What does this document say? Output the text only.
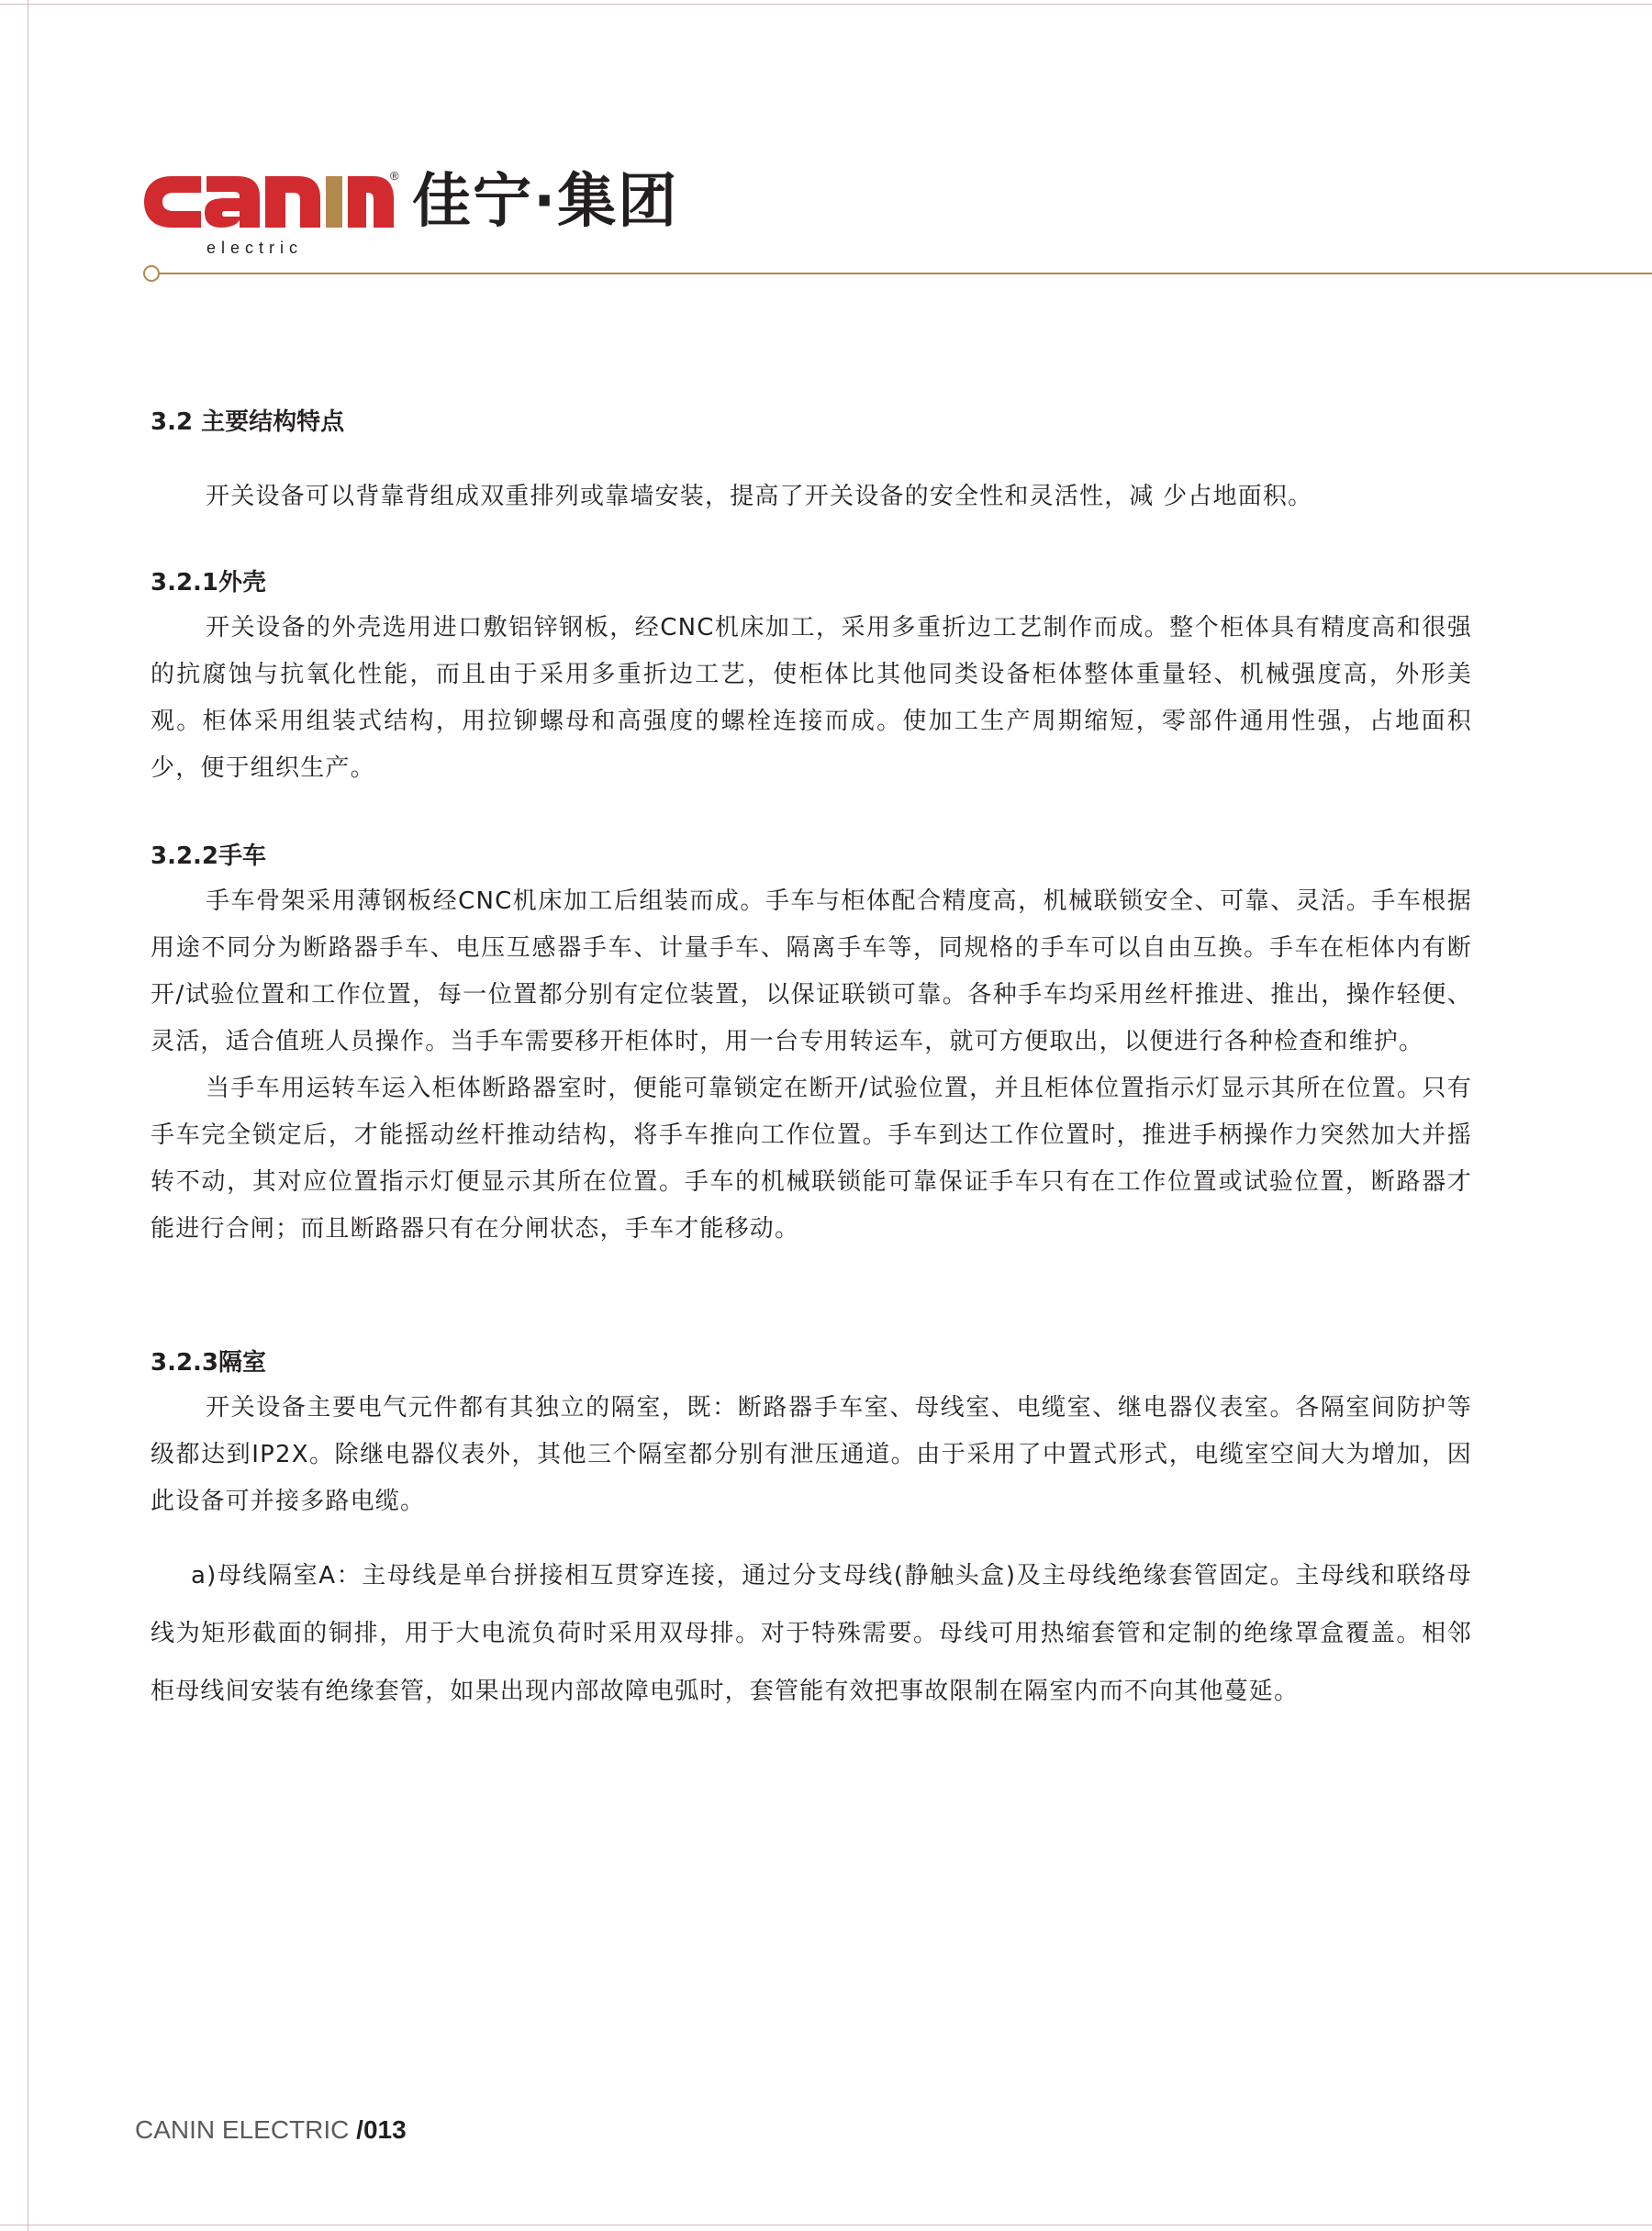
®
electric
佳宁·集团
3.2 主要结构特点

开关设备可以背靠背组成双重排列或靠墙安装，提高了开关设备的安全性和灵活性，减 少占地面积。

3.2.1外壳

开关设备的外壳选用进口敷铝锌钢板，经CNC机床加工，采用多重折边工艺制作而成。整个柜体具有精度高和很强的抗腐蚀与抗氧化性能，而且由于采用多重折边工艺，使柜体比其他同类设备柜体整体重量轻、机械强度高，外形美观。柜体采用组装式结构，用拉铆螺母和高强度的螺栓连接而成。使加工生产周期缩短，零部件通用性强，占地面积少，便于组织生产。

3.2.2手车

手车骨架采用薄钢板经CNC机床加工后组装而成。手车与柜体配合精度高，机械联锁安全、可靠、灵活。手车根据用途不同分为断路器手车、电压互感器手车、计量手车、隔离手车等，同规格的手车可以自由互换。手车在柜体内有断开/试验位置和工作位置，每一位置都分别有定位装置，以保证联锁可靠。各种手车均采用丝杆推进、推出，操作轻便、灵活，适合值班人员操作。当手车需要移开柜体时，用一台专用转运车，就可方便取出，以便进行各种检查和维护。

当手车用运转车运入柜体断路器室时，便能可靠锁定在断开/试验位置，并且柜体位置指示灯显示其所在位置。只有手车完全锁定后，才能摇动丝杆推动结构，将手车推向工作位置。手车到达工作位置时，推进手柄操作力突然加大并摇转不动，其对应位置指示灯便显示其所在位置。手车的机械联锁能可靠保证手车只有在工作位置或试验位置，断路器才能进行合闸；而且断路器只有在分闸状态，手车才能移动。

3.2.3隔室

开关设备主要电气元件都有其独立的隔室，既：断路器手车室、母线室、电缆室、继电器仪表室。各隔室间防护等级都达到IP2X。除继电器仪表外，其他三个隔室都分别有泄压通道。由于采用了中置式形式，电缆室空间大为增加，因此设备可并接多路电缆。

a)母线隔室A：主母线是单台拼接相互贯穿连接，通过分支母线(静触头盒)及主母线绝缘套管固定。主母线和联络母线为矩形截面的铜排，用于大电流负荷时采用双母排。对于特殊需要。母线可用热缩套管和定制的绝缘罩盒覆盖。相邻柜母线间安装有绝缘套管，如果出现内部故障电弧时，套管能有效把事故限制在隔室内而不向其他蔓延。

CANIN ELECTRIC /013
